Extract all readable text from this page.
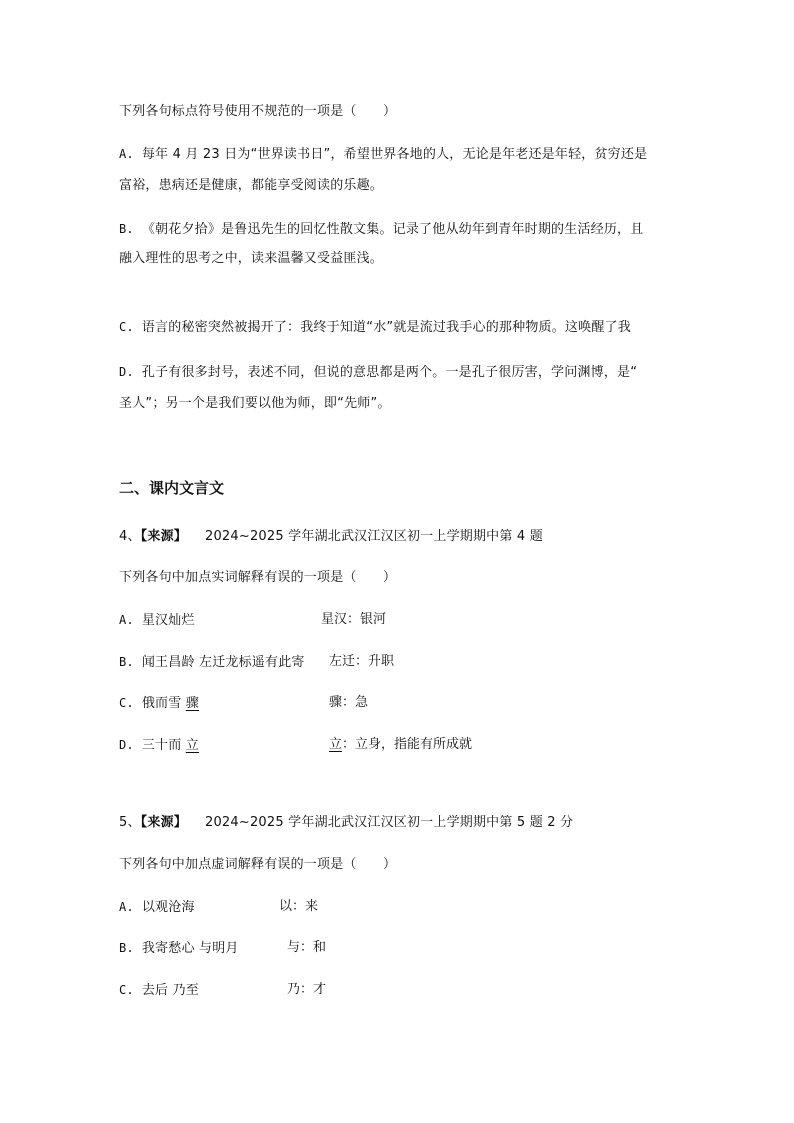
下列各句标点符号使用不规范的一项是（　　）
A. 每年 4 月 23 日为“世界读书日”，希望世界各地的人，无论是年老还是年轻，贫穷还是
富裕，患病还是健康，都能享受阅读的乐趣。
B. 《朝花夕拾》是鲁迅先生的回忆性散文集。记录了他从幼年到青年时期的生活经历，且
融入理性的思考之中，读来温馨又受益匪浅。
C. 语言的秘密突然被揭开了：我终于知道“水”就是流过我手心的那种物质。这唤醒了我
D. 孔子有很多封号，表述不同，但说的意思都是两个。一是孔子很厉害，学问渊博，是“
圣人”；另一个是我们要以他为师，即“先师”。
二、课内文言文
4、【来源】 2024~2025 学年湖北武汉江汉区初一上学期期中第 4 题
下列各句中加点实词解释有误的一项是（　　）
A. 星汉灿烂	星汉：银河
B. 闻王昌龄 左迁龙标遥有此寄 左迁：升职
C. 俄而雪 骤	骤：急
D. 三十而 立	立：立身，指能有所成就
5、【来源】 2024~2025 学年湖北武汉江汉区初一上学期期中第 5 题 2 分
下列各句中加点虚词解释有误的一项是（　　）
A. 以观沧海	以：来
B. 我寄愁心 与明月	与：和
C. 去后 乃至	乃：才
